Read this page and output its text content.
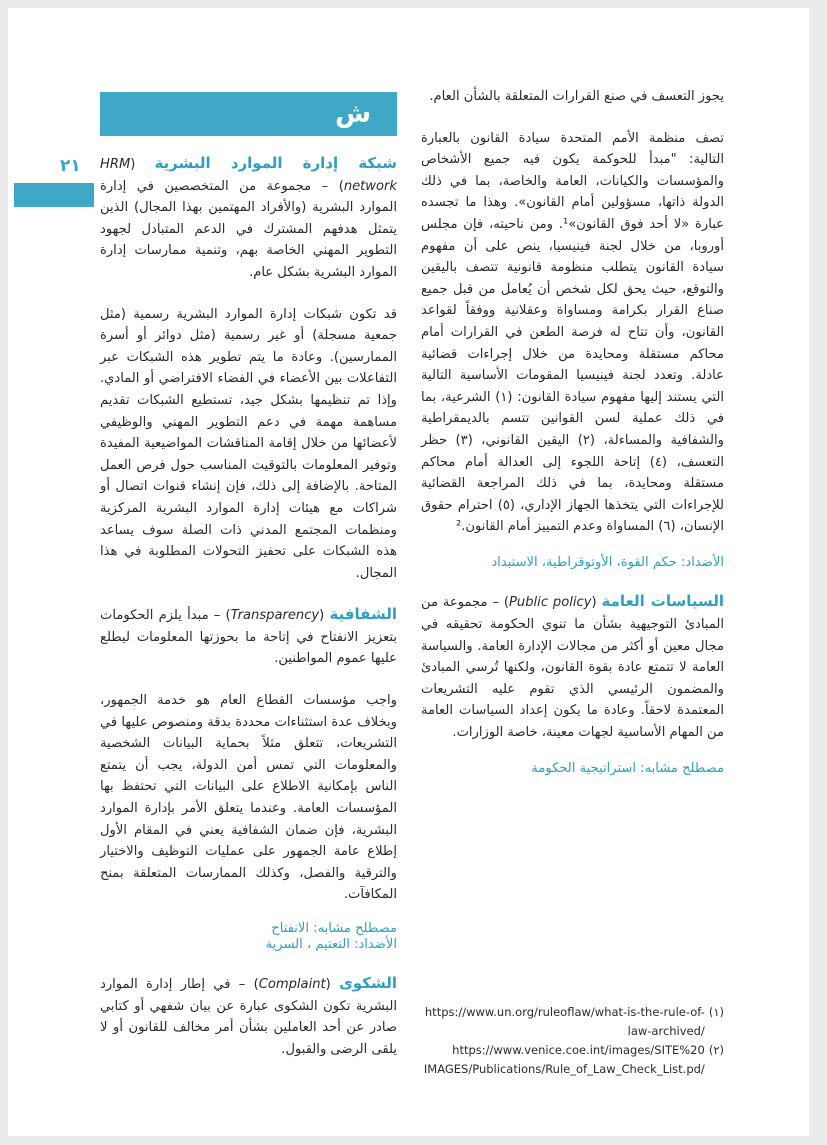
٢١

يجوز التعسف في صنع القرارات المتعلقة بالشأن العام.

تصف منظمة الأمم المتحدة سيادة القانون بالعبارة التالية: "مبدأ للحوكمة يكون فيه جميع الأشخاص والمؤسسات والكيانات، العامة والخاصة، بما في ذلك الدولة ذاتها، مسؤولين أمام القانون». وهذا ما تجسده عبارة «لا أحد فوق القانون»¹. ومن ناحيته، فإن مجلس أوروبا، من خلال لجنة فينيسيا، ينص على أن مفهوم سيادة القانون يتطلب منظومة قانونية تتصف باليقين والتوقع، حيث يحق لكل شخص أن يُعامل من قبل جميع صناع القرار بكرامة ومساواة وعقلانية ووفقاً لقواعد القانون، وأن تتاح له فرصة الطعن في القرارات أمام محاكم مستقلة ومحايدة من خلال إجراءات قضائية عادلة. وتعدد لجنة فينيسيا المقومات الأساسية التالية التي يستند إليها مفهوم سيادة القانون: (١) الشرعية، بما في ذلك عملية لسن القوانين تتسم بالديمقراطية والشفافية والمساءلة، (٢) اليقين القانوني، (٣) حظر التعسف، (٤) إتاحة اللجوء إلى العدالة أمام محاكم مستقلة ومحايدة، بما في ذلك المراجعة القضائية للإجراءات التي يتخذها الجهاز الإداري، (٥) احترام حقوق الإنسان، (٦) المساواة وعدم التمييز أمام القانون.²

الأضداد: حكم القوة، الأوتوقراطية، الاستبداد

السياسات العامة (Public policy) – مجموعة من المبادئ التوجيهية بشأن ما تنوي الحكومة تحقيقه في مجال معين أو أكثر من مجالات الإدارة العامة. والسياسة العامة لا تتمتع عادة بقوة القانون، ولكنها تُرسي المبادئ والمضمون الرئيسي الذي تقوم عليه التشريعات المعتمدة لاحقاً. وعادة ما يكون إعداد السياسات العامة من المهام الأساسية لجهات معينة، خاصة الوزارات.

مصطلح مشابه: استراتيجية الحكومة

ش

شبكة إدارة الموارد البشرية (HRM network) – مجموعة من المتخصصين في إدارة الموارد البشرية (والأفراد المهتمين بهذا المجال) الذين يتمثل هدفهم المشترك في الدعم المتبادل لجهود التطوير المهني الخاصة بهم، وتنمية ممارسات إدارة الموارد البشرية بشكل عام.

قد تكون شبكات إدارة الموارد البشرية رسمية (مثل جمعية مسجلة) أو غير رسمية (مثل دوائر أو أسرة الممارسين). وعادة ما يتم تطوير هذه الشبكات عبر التفاعلات بين الأعضاء في الفضاء الافتراضي أو المادي. وإذا تم تنظيمها بشكل جيد، تستطيع الشبكات تقديم مساهمة مهمة في دعم التطوير المهني والوظيفي لأعضائها من خلال إقامة المناقشات المواضيعية المفيدة وتوفير المعلومات بالتوقيت المناسب حول فرص العمل المتاحة. بالإضافة إلى ذلك، فإن إنشاء قنوات اتصال أو شراكات مع هيئات إدارة الموارد البشرية المركزية ومنظمات المجتمع المدني ذات الصلة سوف يساعد هذه الشبكات على تحفيز التحولات المطلوبة في هذا المجال.

الشفافية (Transparency) – مبدأ يلزم الحكومات بتعزيز الانفتاح في إتاحة ما بحوزتها المعلومات ليطلع عليها عموم المواطنين.

واجب مؤسسات القطاع العام هو خدمة الجمهور، وبخلاف عدة استثناءات محددة بدقة ومنصوص عليها في التشريعات، تتعلق مثلاً بحماية البيانات الشخصية والمعلومات التي تمس أمن الدولة، يجب أن يتمتع الناس بإمكانية الاطلاع على البيانات التي تحتفظ بها المؤسسات العامة. وعندما يتعلق الأمر بإدارة الموارد البشرية، فإن ضمان الشفافية يعني في المقام الأول إطلاع عامة الجمهور على عمليات التوظيف والاختيار والترقية والفصل، وكذلك الممارسات المتعلقة بمنح المكافآت.

مصطلح مشابه: الانفتاح

الأضداد: التعتيم ، السرية

الشكوى (Complaint) – في إطار إدارة الموارد البشرية تكون الشكوى عبارة عن بيان شفهي أو كتابي صادر عن أحد العاملين بشأن أمر مخالف للقانون أو لا يلقى الرضى والقبول.

https://www.un.org/ruleoflaw/what-is-the-rule-of-law-archived/
(١)
https://www.venice.coe.int/images/SITE%20 IMAGES/Publications/Rule_of_Law_Check_List.pd/
(٢)
